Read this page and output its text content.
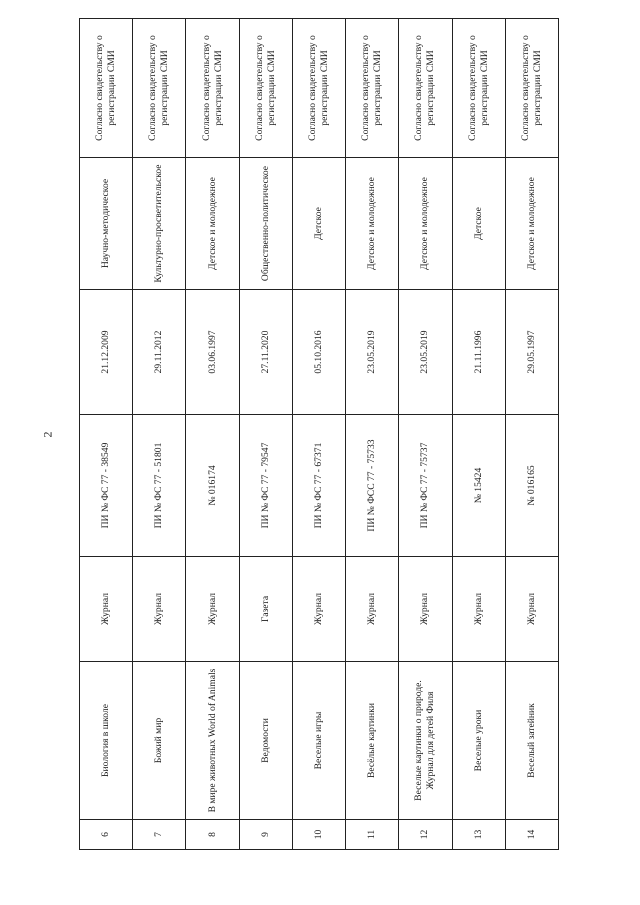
2
6	Биология в школе	Журнал	ПИ № ФС 77 - 38549	21.12.2009	Научно-методическое	Согласно свидетельству о регистрации СМИ
7	Божий мир	Журнал	ПИ № ФС 77 - 51801	29.11.2012	Культурно-просветительское	Согласно свидетельству о регистрации СМИ
8	В мире животных World of Animals	Журнал	№ 016174	03.06.1997	Детское и молодежное	Согласно свидетельству о регистрации СМИ
9	Ведомости	Газета	ПИ № ФС 77 - 79547	27.11.2020	Общественно-политическое	Согласно свидетельству о регистрации СМИ
10	Веселые игры	Журнал	ПИ № ФС 77 - 67371	05.10.2016	Детское	Согласно свидетельству о регистрации СМИ
11	Весёлые картинки	Журнал	ПИ № ФСС 77 - 75733	23.05.2019	Детское и молодежное	Согласно свидетельству о регистрации СМИ
12	Веселые картинки о природе. Журнал для детей Филя	Журнал	ПИ № ФС 77 - 75737	23.05.2019	Детское и молодежное	Согласно свидетельству о регистрации СМИ
13	Веселые уроки	Журнал	№ 15424	21.11.1996	Детское	Согласно свидетельству о регистрации СМИ
14	Веселый затейник	Журнал	№ 016165	29.05.1997	Детское и молодежное	Согласно свидетельству о регистрации СМИ
